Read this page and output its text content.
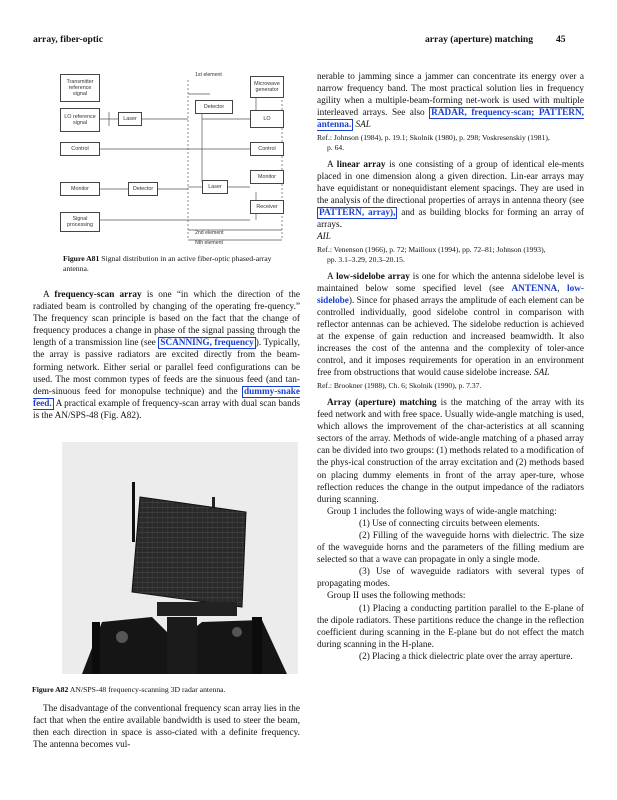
array, fiber-optic	array (aperture) matching 45
Transmitter reference signal
LO reference signal
Control
Laser
Detector
Microwave generator
LO
Control
Monitor
Monitor	Detector	Laser
Receiver
Signal processing
1st element
2nd element
Nth element
Figure A81 Signal distribution in an active fiber-optic phased-array antenna.

A frequency-scan array is one “in which the direction of the radiated beam is controlled by changing of the operating fre-quency.” The frequency scan principle is based on the fact that the change of frequency produces a change in phase of the signal passing through the length of a transmission line (see SCANNING, frequency ). Typically, the array is passive radiators are excited directly from the beam-forming network. Either serial or parallel feed configurations can be used. The most common types of feeds are the sinuous feed (and tan-dem-sinuous feed for monopulse technique) and the dummy-snake feed. A practical example of frequency-scan array with dual scan bands is the AN/SPS-48 (Fig. A82).

Figure A82 AN/SPS-48 frequency-scanning 3D radar antenna.

The disadvantage of the conventional frequency scan array lies in the fact that when the entire available bandwidth is used to steer the beam, then each direction in space is asso-ciated with a definite frequency. The antenna becomes vul-

nerable to jamming since a jammer can concentrate its energy over a narrow frequency band. The most practical solution lies in frequency agility when a multiple-beam-forming net-work is used with multiple interleaved arrays. See also RADAR, frequency-scan; PATTERN, antenna. SAL

Ref.: Johnson (1984), p. 19.1; Skolnik (1980), p. 298; Voskresenskiy (1981),
p. 64.

A linear array is one consisting of a group of identical ele-ments placed in one dimension along a given direction. Lin-ear arrays may have equidistant or nonequidistant element spacings. They are used in the analysis of the directional properties of arrays in antenna theory (see PATTERN, array), and as building blocks for forming an array of arrays.
AIL

Ref.: Venenson (1966), p. 72; Mailloux (1994), pp. 72–81; Johnson (1993),
pp. 3.1–3.29, 20.3–20.15.

A low-sidelobe array is one for which the antenna sidelobe level is maintained below some specified level (see ANTENNA, low-sidelobe). Since for phased arrays the amplitude of each element can be controlled individually, good sidelobe control in comparison with reflector antennas can be achieved. The sidelobe reduction is achieved at the expense of gain reduction and increased beamwidth. It also increases the cost of the antenna and the complexity of toler-ance control, and it imposes requirements for operation in an environment free from obstructions that would cause sidelobe increase. SAL

Ref.: Brookner (1988), Ch. 6; Skolnik (1990), p. 7.37.

Array (aperture) matching is the matching of the array with its feed network and with free space. Usually wide-angle matching is used, which allows the improvement of the char-acteristics at all scanning sectors of the array. Methods of wide-angle matching of a phased array can be divided into two groups: (1) methods related to a modification of the phys-ical construction of the array excitation and (2) methods based on placing dummy elements in front of the array aper-ture, whose reflection reduces the change in the output impedance of the radiators during scanning.

Group 1 includes the following ways of wide-angle matching:

(1) Use of connecting circuits between elements.

(2) Filling of the waveguide horns with dielectric. The size of the waveguide horns and the parameters of the filling medium are selected so that a wave can propagate in only a single mode.

(3) Use of waveguide radiators with several types of propagating modes.

Group II uses the following methods:

(1) Placing a conducting partition parallel to the E-plane of the dipole radiators. These partitions reduce the change in the reflection coefficient during scanning in the E-plane but do not effect the match during scanning in the H-plane.

(2) Placing a thick dielectric plate over the array aperture.
